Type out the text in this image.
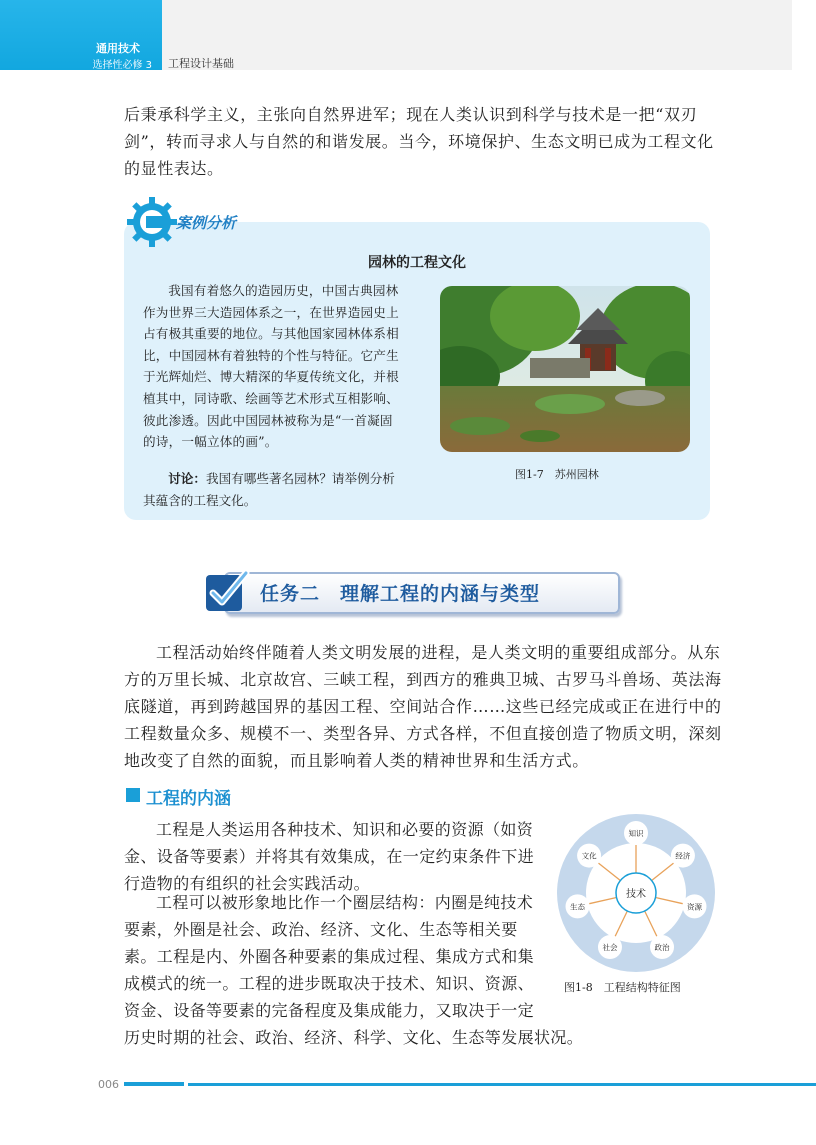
通用技术
选择性必修 3 工程设计基础
后秉承科学主义，主张向自然界进军；现在人类认识到科学与技术是一把“双刃
剑”，转而寻求人与自然的和谐发展。当今，环境保护、生态文明已成为工程文化
的显性表达。
园林的工程文化
我国有着悠久的造园历史，中国古典园林
作为世界三大造园体系之一，在世界造园史上
占有极其重要的地位。与其他国家园林体系相
比，中国园林有着独特的个性与特征。它产生
于光辉灿烂、博大精深的华夏传统文化，并根
植其中，同诗歌、绘画等艺术形式互相影响、
彼此渗透。因此中国园林被称为是“一首凝固
的诗，一幅立体的画”。
讨论：我国有哪些著名园林？请举例分析
其蕴含的工程文化。
图1-7　苏州园林
案例分析
任务二　理解工程的内涵与类型
工程活动始终伴随着人类文明发展的进程，是人类文明的重要组成部分。从东
方的万里长城、北京故宫、三峡工程，到西方的雅典卫城、古罗马斗兽场、英法海
底隧道，再到跨越国界的基因工程、空间站合作……这些已经完成或正在进行中的
工程数量众多、规模不一、类型各异、方式各样，不但直接创造了物质文明，深刻
地改变了自然的面貌，而且影响着人类的精神世界和生活方式。
工程的内涵
工程是人类运用各种技术、知识和必要的资源（如资
金、设备等要素）并将其有效集成，在一定约束条件下进
行造物的有组织的社会实践活动。
工程可以被形象地比作一个圈层结构：内圈是纯技术
要素，外圈是社会、政治、经济、文化、生态等相关要
素。工程是内、外圈各种要素的集成过程、集成方式和集
成模式的统一。工程的进步既取决于技术、知识、资源、
资金、设备等要素的完备程度及集成能力，又取决于一定
历史时期的社会、政治、经济、科学、文化、生态等发展状况。
技术
知识
经济
资源
政治
社会
生态
文化
图1-8　工程结构特征图
006
